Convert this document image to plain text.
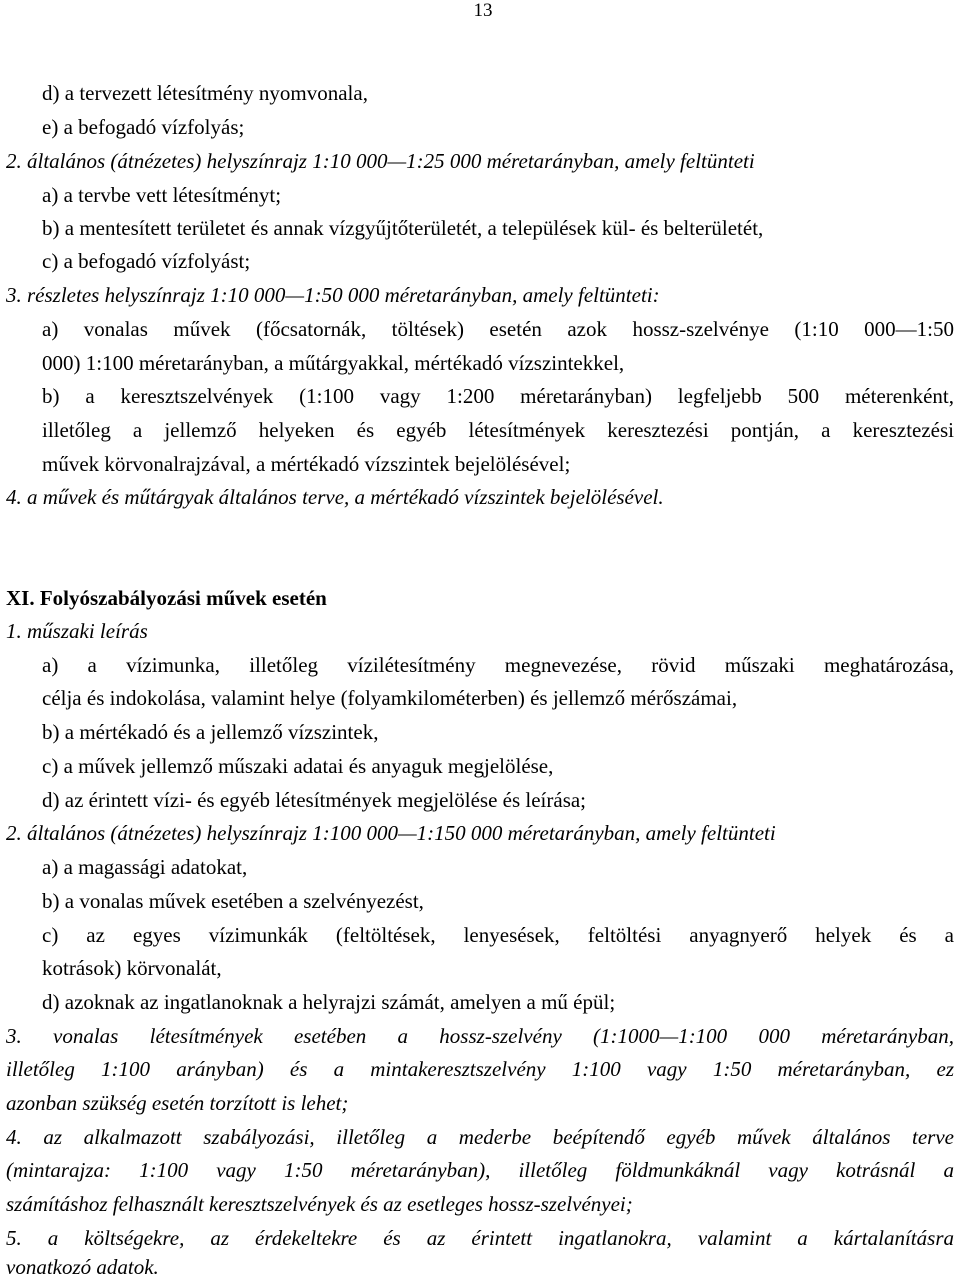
13
d) a tervezett létesítmény nyomvonala,
e) a befogadó vízfolyás;
2. általános (átnézetes) helyszínrajz 1:10 000—1:25 000 méretarányban, amely feltünteti
a) a tervbe vett létesítményt;
b) a mentesített területet és annak vízgyűjtőterületét, a települések kül- és belterületét,
c) a befogadó vízfolyást;
3. részletes helyszínrajz 1:10 000—1:50 000 méretarányban, amely feltünteti:
a) vonalas művek (főcsatornák, töltések) esetén azok hossz-szelvénye (1:10 000—1:50
000) 1:100 méretarányban, a műtárgyakkal, mértékadó vízszintekkel,
b) a keresztszelvények (1:100 vagy 1:200 méretarányban) legfeljebb 500 méterenként,
illetőleg a jellemző helyeken és egyéb létesítmények keresztezési pontján, a keresztezési
művek körvonalrajzával, a mértékadó vízszintek bejelölésével;
4. a művek és műtárgyak általános terve, a mértékadó vízszintek bejelölésével.
XI. Folyószabályozási művek esetén
1. műszaki leírás
a) a vízimunka, illetőleg vízilétesítmény megnevezése, rövid műszaki meghatározása,
célja és indokolása, valamint helye (folyamkilométerben) és jellemző mérőszámai,
b) a mértékadó és a jellemző vízszintek,
c) a művek jellemző műszaki adatai és anyaguk megjelölése,
d) az érintett vízi- és egyéb létesítmények megjelölése és leírása;
2. általános (átnézetes) helyszínrajz 1:100 000—1:150 000 méretarányban, amely feltünteti
a) a magassági adatokat,
b) a vonalas művek esetében a szelvényezést,
c) az egyes vízimunkák (feltöltések, lenyesések, feltöltési anyagnyerő helyek és a
kotrások) körvonalát,
d) azoknak az ingatlanoknak a helyrajzi számát, amelyen a mű épül;
3. vonalas létesítmények esetében a hossz-szelvény (1:1000—1:100 000 méretarányban,
illetőleg 1:100 arányban) és a mintakeresztszelvény 1:100 vagy 1:50 méretarányban, ez
azonban szükség esetén torzított is lehet;
4. az alkalmazott szabályozási, illetőleg a mederbe beépítendő egyéb művek általános terve
(mintarajza: 1:100 vagy 1:50 méretarányban), illetőleg földmunkáknál vagy kotrásnál a
számításhoz felhasznált keresztszelvények és az esetleges hossz-szelvényei;
5. a költségekre, az érdekeltekre és az érintett ingatlanokra, valamint a kártalanításra
vonatkozó adatok.
